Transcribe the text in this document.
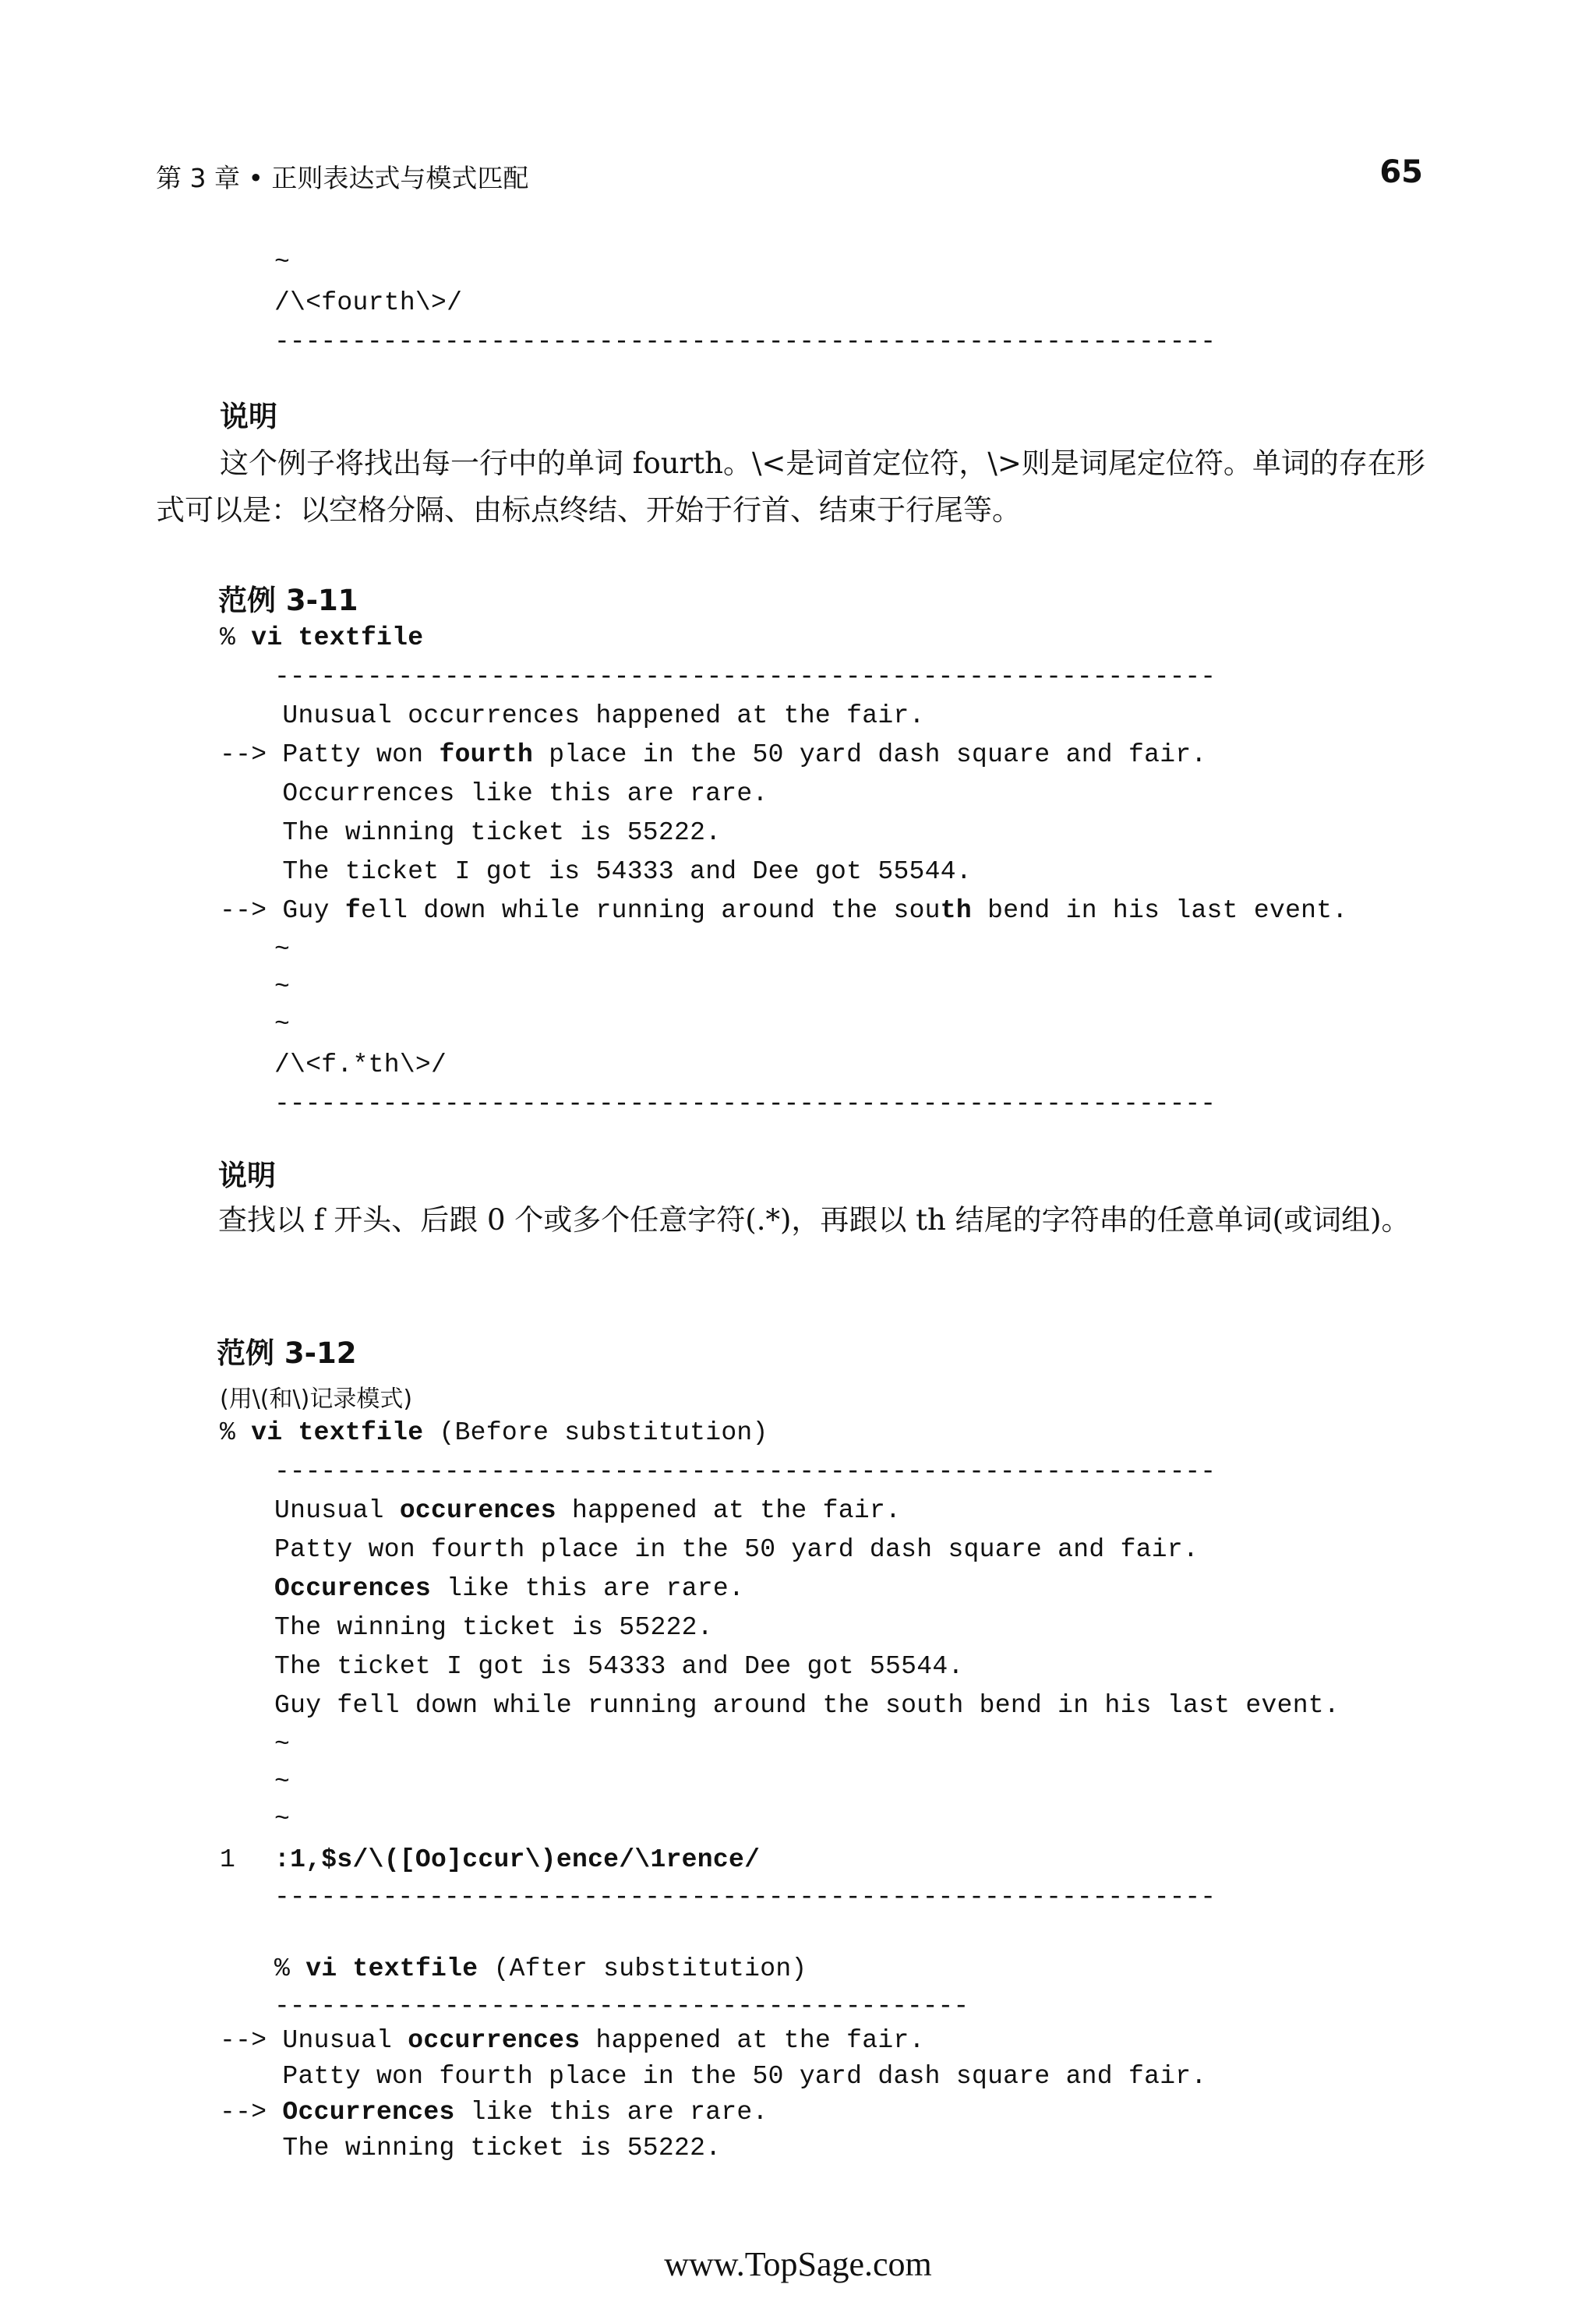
第 3 章 • 正则表达式与模式匹配	65
~
/\<fourth\>/
-------------------------------------------------------------
说明
这个例子将找出每一行中的单词 fourth。\<是词首定位符，\>则是词尾定位符。单词的存在形式可以是：以空格分隔、由标点终结、开始于行首、结束于行尾等。
范例 3-11
% vi textfile
-------------------------------------------------------------
Unusual occurrences happened at the fair.
--> Patty won fourth place in the 50 yard dash square and fair.
Occurrences like this are rare.
The winning ticket is 55222.
The ticket I got is 54333 and Dee got 55544.
--> Guy fell down while running around the south bend in his last event.
~
~
~
/\<f.*th\>/
-------------------------------------------------------------
说明
查找以 f 开头、后跟 0 个或多个任意字符(.*)，再跟以 th 结尾的字符串的任意单词(或词组)。
范例 3-12
(用\(和\)记录模式)
% vi textfile (Before substitution)
-------------------------------------------------------------
Unusual occurences happened at the fair.
Patty won fourth place in the 50 yard dash square and fair.
Occurences like this are rare.
The winning ticket is 55222.
The ticket I got is 54333 and Dee got 55544.
Guy fell down while running around the south bend in his last event.
~
~
~
1 :1,$s/\([Oo]ccur\)ence/\1rence/
-------------------------------------------------------------
% vi textfile (After substitution)
---------------------------------------------
--> Unusual occurrences happened at the fair.
Patty won fourth place in the 50 yard dash square and fair.
--> Occurrences like this are rare.
The winning ticket is 55222.
www.TopSage.com
